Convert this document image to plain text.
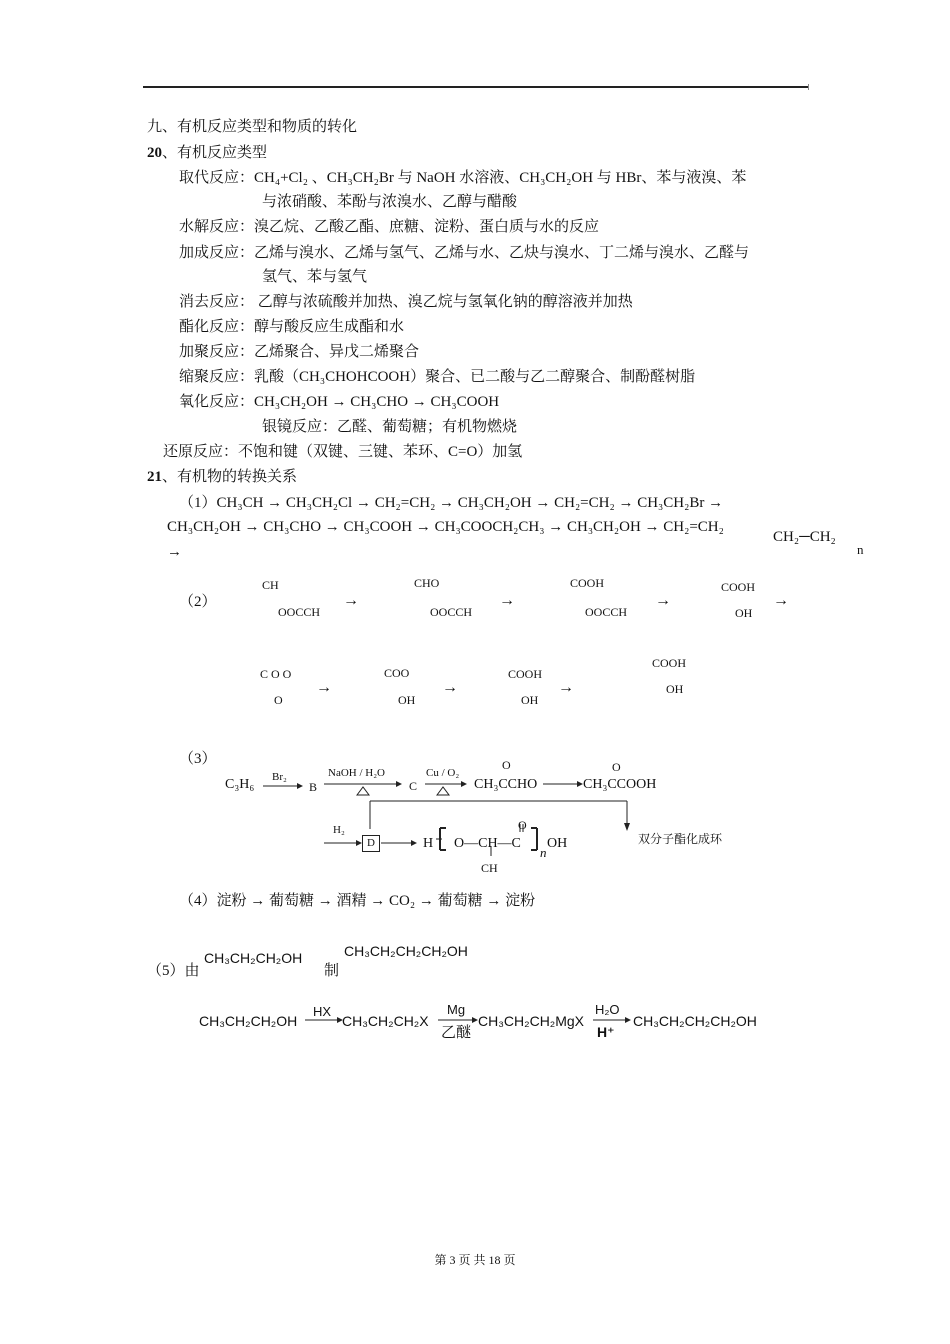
九、有机反应类型和物质的转化
20、有机反应类型
取代反应：CH₄+Cl₂ 、CH₃CH₂Br 与 NaOH 水溶液、CH₃CH₂OH 与 HBr、苯与液溴、苯
与浓硝酸、苯酚与浓溴水、乙醇与醋酸
水解反应：溴乙烷、乙酸乙酯、庶糖、淀粉、蛋白质与水的反应
加成反应：乙烯与溴水、乙烯与氢气、乙烯与水、乙炔与溴水、丁二烯与溴水、乙醛与
氢气、苯与氢气
消去反应： 乙醇与浓硫酸并加热、溴乙烷与氢氧化钠的醇溶液并加热
酯化反应：醇与酸反应生成酯和水
加聚反应：乙烯聚合、异戊二烯聚合
缩聚反应：乳酸（CH₃CHOHCOOH）聚合、已二酸与乙二醇聚合、制酚醛树脂
氧化反应：CH₃CH₂OH → CH₃CHO → CH₃COOH
银镜反应：乙醛、葡萄糖；有机物燃烧
还原反应：不饱和键（双键、三键、苯环、C=O）加氢
21、有机物的转换关系
（1）CH₃CH → CH₃CH₂Cl → CH₂=CH₂ → CH₃CH₂OH → CH₂=CH₂ → CH₃CH₂Br →
CH₃CH₂OH → CH₃CHO → CH₃COOH → CH₃COOCH₂CH₃ → CH₃CH₂OH → CH₂=CH₂
CH₂─CH₂
n
→
（2）
CH
OOCCH
→
CHO
OOCCH
→
COOH
OOCCH
→
COOH
OH
→
C O O
O
→
COO
OH
→
COOH
OH
→
COOH
OH
（3）
C₃H₆ Br₂
B
NaOH / H₂O
C
Cu / O₂
O
CH₃CCHO
O
CH₃CCOOH
H₂
D	H
O
O—CH—C
n
OH
CH
双分子酯化成环
（4）淀粉 → 葡萄糖 → 酒精 → CO₂ → 葡萄糖 → 淀粉
（5）由
CH₃CH₂CH₂OH
制
CH₃CH₂CH₂CH₂OH
CH₃CH₂CH₂OH
HX
CH₃CH₂CH₂X
Mg
乙醚
CH₃CH₂CH₂MgX
H₂O
H⁺
CH₃CH₂CH₂CH₂OH
第 3 页 共 18 页
